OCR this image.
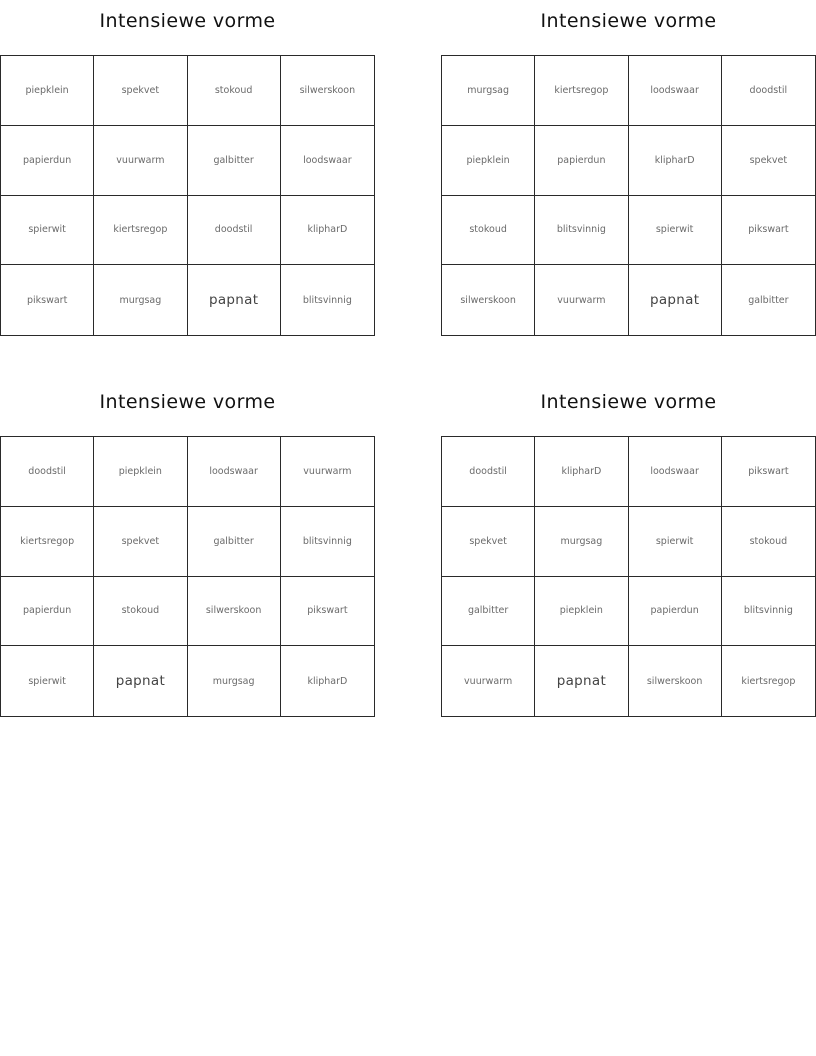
Intensiewe vorme
piepklein	spekvet	stokoud	silwerskoon
papierdun	vuurwarm	galbitter	loodswaar
spierwit	kiertsregop	doodstil	klipharD
pikswart	murgsag	papnat	blitsvinnig
Intensiewe vorme
murgsag	kiertsregop	loodswaar	doodstil
piepklein	papierdun	klipharD	spekvet
stokoud	blitsvinnig	spierwit	pikswart
silwerskoon	vuurwarm	papnat	galbitter
Intensiewe vorme
doodstil	piepklein	loodswaar	vuurwarm
kiertsregop	spekvet	galbitter	blitsvinnig
papierdun	stokoud	silwerskoon	pikswart
spierwit	papnat	murgsag	klipharD
Intensiewe vorme
doodstil	klipharD	loodswaar	pikswart
spekvet	murgsag	spierwit	stokoud
galbitter	piepklein	papierdun	blitsvinnig
vuurwarm	papnat	silwerskoon	kiertsregop
